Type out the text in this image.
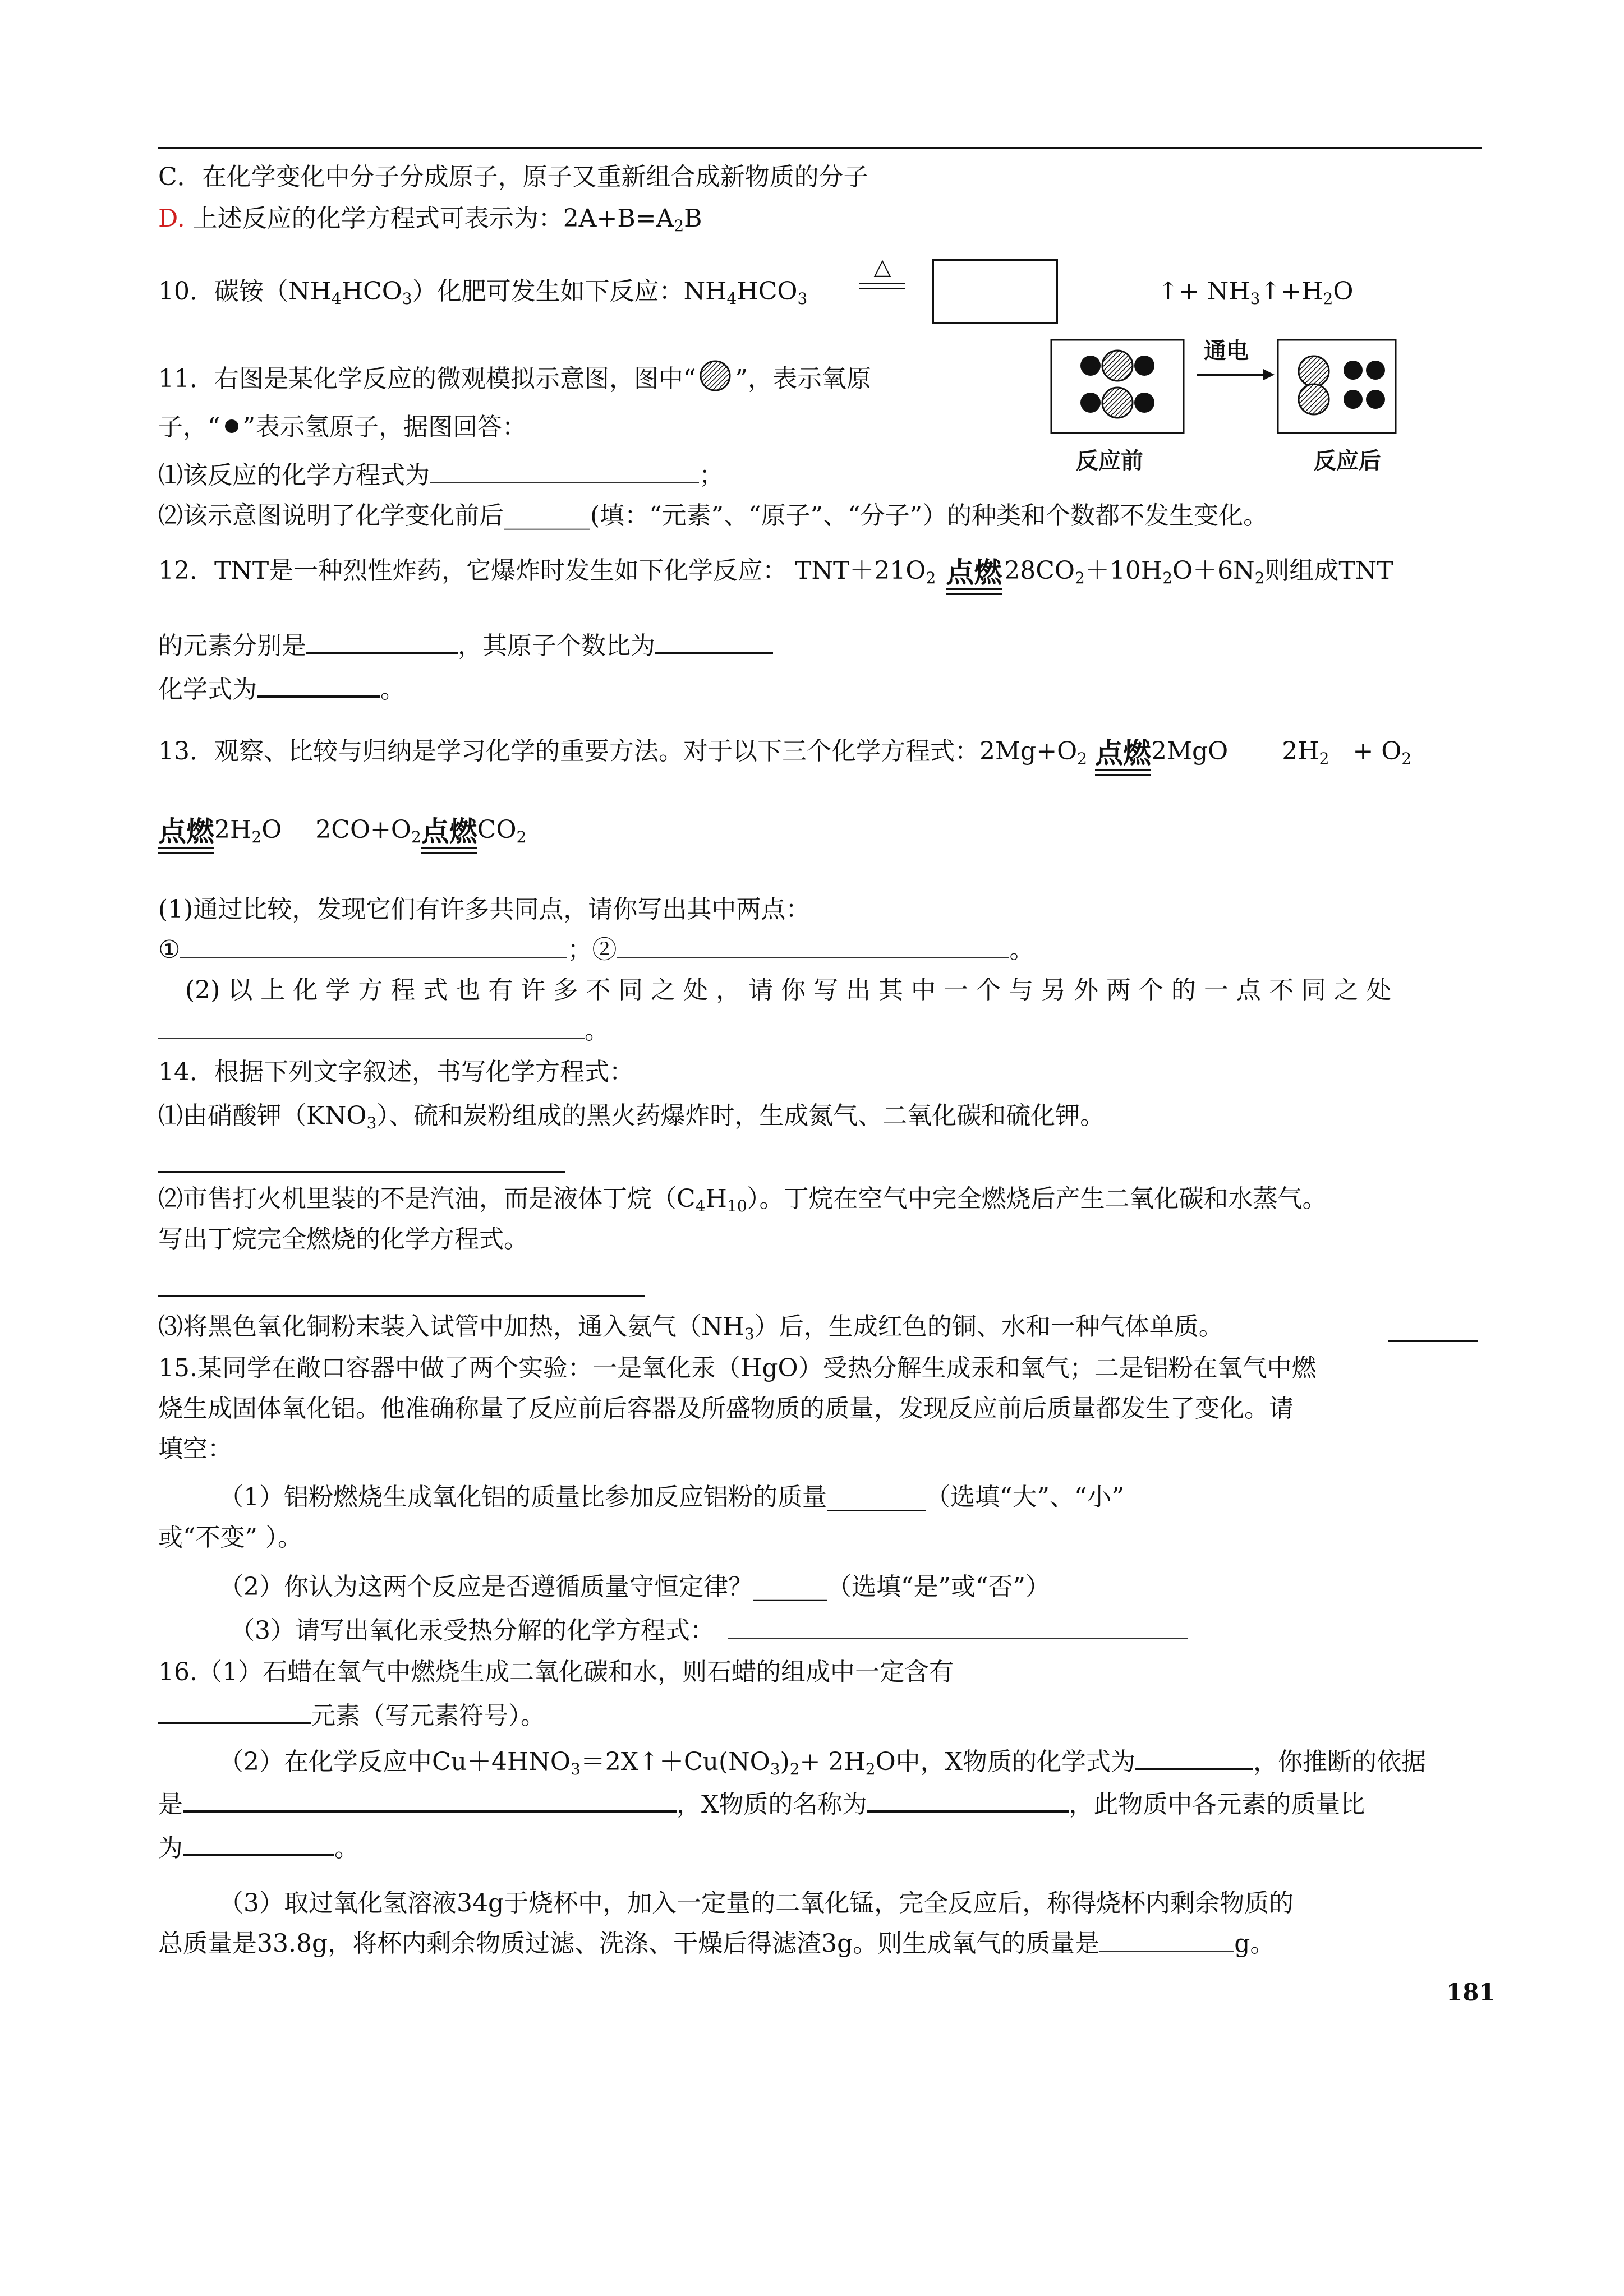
C．在化学变化中分子分成原子，原子又重新组合成新物质的分子
D. 上述反应的化学方程式可表示为：$2A+B=A_2B$
10．碳铵$(NH_4HCO_3)$化肥可发生如下反应：$NH_4HCO_3$
△
↑+ $NH_3↑+H_2O$
11．右图是某化学反应的微观模拟示意图，图中“ ”，表示氧原
子，“ ”表示氢原子，据图回答：
⑴该反应的化学方程式为	；
⑵该示意图说明了化学变化前后_______(填：“元素”、“原子”、“分子”）的种类和个数都不发生变化。
通电
反应前	反应后
12．TNT是一种烈性炸药，它爆炸时发生如下化学反应： $TNT+21O_2$ 点燃 $28CO_2+10H_2O+6N_2$则组成TNT
的元素分别是	，其原子个数比为
化学式为	。
13．观察、比较与归纳是学习化学的重要方法。对于以下三个化学方程式：$2Mg+O_2$ 点燃 2MgO $2H_2 + O_2$
点燃 $2H_2O$ $2CO+O_2$ 点燃 $CO_2$
(1)通过比较，发现它们有许多共同点，请你写出其中两点：
①	；②	。
(2) 以 上 化 学 方 程 式 也 有 许 多 不 同 之 处 ， 请 你 写 出 其 中 一 个 与 另 外 两 个 的 一 点 不 同 之 处
。
14．根据下列文字叙述，书写化学方程式：
⑴由硝酸钾$(KNO_3)$、硫和炭粉组成的黑火药爆炸时，生成氮气、二氧化碳和硫化钾。
⑵市售打火机里装的不是汽油，而是液体丁烷$(C_4H_{10})$。丁烷在空气中完全燃烧后产生二氧化碳和水蒸气。
写出丁烷完全燃烧的化学方程式。
⑶将黑色氧化铜粉末装入试管中加热，通入氨气$(NH_3)$后，生成红色的铜、水和一种气体单质。
15.某同学在敞口容器中做了两个实验：一是氧化汞（HgO）受热分解生成汞和氧气；二是铝粉在氧气中燃
烧生成固体氧化铝。他准确称量了反应前后容器及所盛物质的质量，发现反应前后质量都发生了变化。请
填空：
（1）铝粉燃烧生成氧化铝的质量比参加反应铝粉的质量________（选填“大”、“小”
或“不变” ）。
（2）你认为这两个反应是否遵循质量守恒定律？______（选填“是”或“否”）
（3）请写出氧化汞受热分解的化学方程式：
16.（1）石蜡在氧气中燃烧生成二氧化碳和水，则石蜡的组成中一定含有
元素（写元素符号）。
（2）在化学反应中$Cu+4HNO_3=2X↑+Cu(NO_3)_2+ 2H_2O$中，X物质的化学式为	，你推断的依据
是	，X物质的名称为	，此物质中各元素的质量比
为	。
（3）取过氧化氢溶液34g于烧杯中，加入一定量的二氧化锰，完全反应后，称得烧杯内剩余物质的
总质量是33.8g，将杯内剩余物质过滤、洗涤、干燥后得滤渣3g。则生成氧气的质量是	g。
181
